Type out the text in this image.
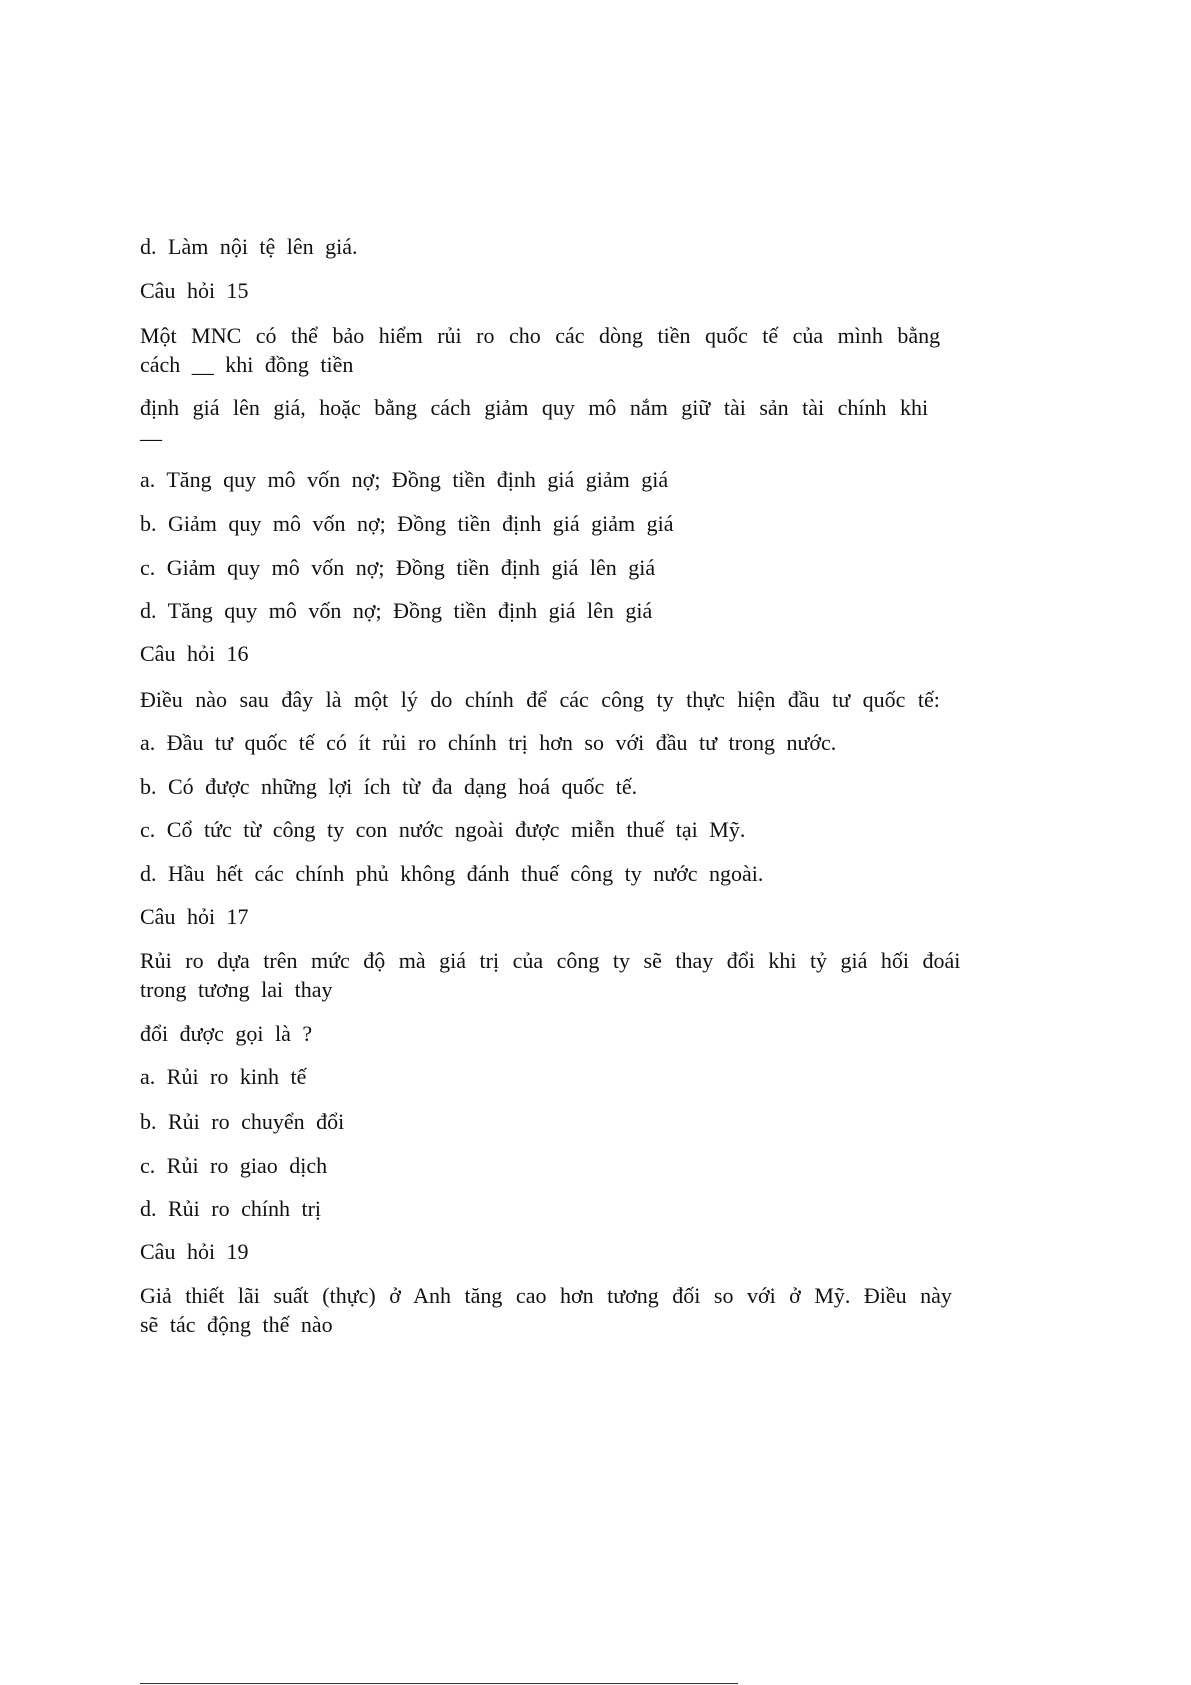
d. Làm nội tệ lên giá.
Câu hỏi 15
Một MNC có thể bảo hiểm rủi ro cho các dòng tiền quốc tế của mình bằng
cách __ khi đồng tiền
định giá lên giá, hoặc bằng cách giảm quy mô nắm giữ tài sản tài chính khi
__
a. Tăng quy mô vốn nợ; Đồng tiền định giá giảm giá
b. Giảm quy mô vốn nợ; Đồng tiền định giá giảm giá
c. Giảm quy mô vốn nợ; Đồng tiền định giá lên giá
d. Tăng quy mô vốn nợ; Đồng tiền định giá lên giá
Câu hỏi 16
Điều nào sau đây là một lý do chính để các công ty thực hiện đầu tư quốc tế:
a. Đầu tư quốc tế có ít rủi ro chính trị hơn so với đầu tư trong nước.
b. Có được những lợi ích từ đa dạng hoá quốc tế.
c. Cổ tức từ công ty con nước ngoài được miễn thuế tại Mỹ.
d. Hầu hết các chính phủ không đánh thuế công ty nước ngoài.
Câu hỏi 17
Rủi ro dựa trên mức độ mà giá trị của công ty sẽ thay đổi khi tỷ giá hối đoái
trong tương lai thay
đổi được gọi là ?
a. Rủi ro kinh tế
b. Rủi ro chuyển đổi
c. Rủi ro giao dịch
d. Rủi ro chính trị
Câu hỏi 19
Giả thiết lãi suất (thực) ở Anh tăng cao hơn tương đối so với ở Mỹ. Điều này
sẽ tác động thế nào
